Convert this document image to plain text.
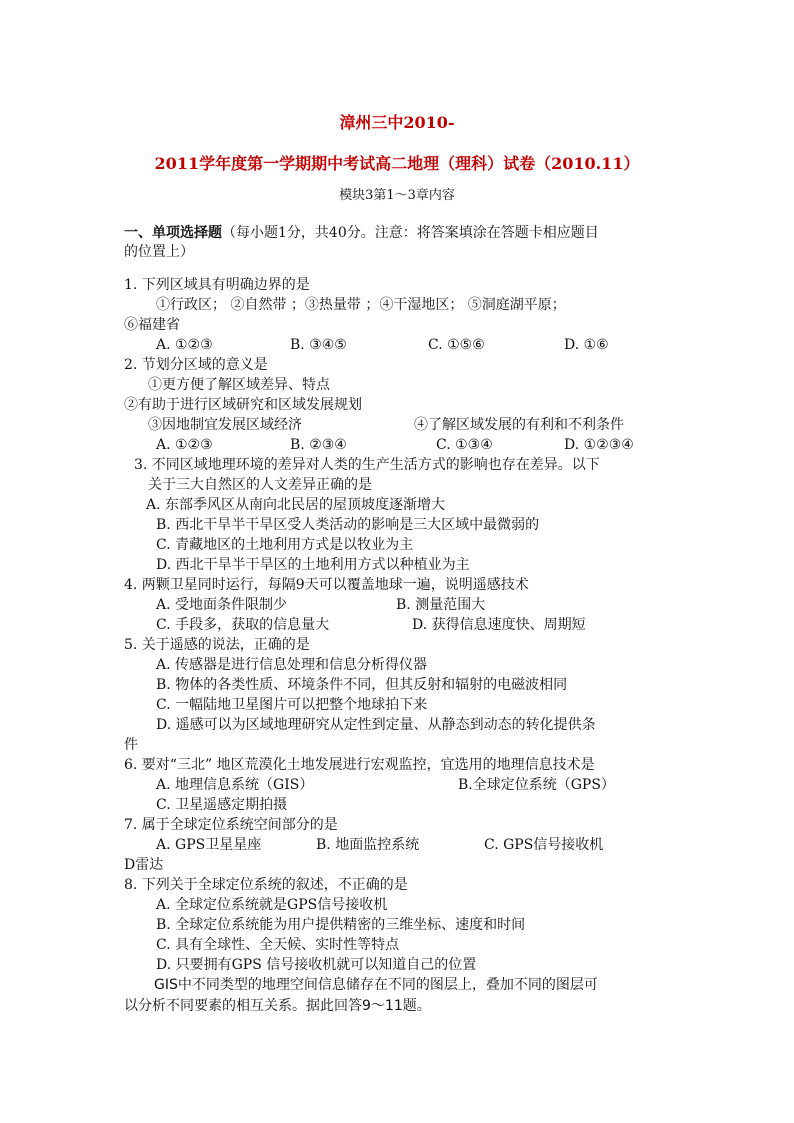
漳州三中2010-
2011学年度第一学期期中考试高二地理（理科）试卷（2010.11）
模块3第1～3章内容
一、单项选择题（每小题1分，共40分。注意：将答案填涂在答题卡相应题目
的位置上）
1. 下列区域具有明确边界的是
①行政区； ②自然带 ；③热量带 ；④干湿地区； ⑤洞庭湖平原；
⑥福建省
A. ①②③	B. ③④⑤	C. ①⑤⑥	D. ①⑥
2. 节划分区域的意义是
①更方便了解区域差异、特点
②有助于进行区域研究和区域发展规划
③因地制宜发展区域经济	④了解区域发展的有利和不利条件
A. ①②③	B. ②③④	C. ①③④	D. ①②③④
3. 不同区域地理环境的差异对人类的生产生活方式的影响也存在差异。以下
关于三大自然区的人文差异正确的是
A. 东部季风区从南向北民居的屋顶坡度逐渐增大
B. 西北干旱半干旱区受人类活动的影响是三大区域中最微弱的
C. 青藏地区的土地利用方式是以牧业为主
D. 西北干旱半干旱区的土地利用方式以种植业为主
4. 两颗卫星同时运行，每隔9天可以覆盖地球一遍，说明遥感技术
A. 受地面条件限制少	B. 测量范围大
C. 手段多，获取的信息量大	D. 获得信息速度快、周期短
5. 关于遥感的说法，正确的是
A. 传感器是进行信息处理和信息分析得仪器
B. 物体的各类性质、环境条件不同，但其反射和辐射的电磁波相同
C. 一幅陆地卫星图片可以把整个地球拍下来
D. 遥感可以为区域地理研究从定性到定量、从静态到动态的转化提供条
件
6. 要对“三北” 地区荒漠化土地发展进行宏观监控，宜选用的地理信息技术是
A. 地理信息系统（GIS）	B.全球定位系统（GPS）
C. 卫星遥感定期拍摄
7. 属于全球定位系统空间部分的是
A. GPS卫星星座	B. 地面监控系统	C. GPS信号接收机
D雷达
8. 下列关于全球定位系统的叙述，不正确的是
A. 全球定位系统就是GPS信号接收机
B. 全球定位系统能为用户提供精密的三维坐标、速度和时间
C. 具有全球性、全天候、实时性等特点
D. 只要拥有GPS 信号接收机就可以知道自己的位置
GIS中不同类型的地理空间信息储存在不同的图层上，叠加不同的图层可
以分析不同要素的相互关系。据此回答9～11题。
